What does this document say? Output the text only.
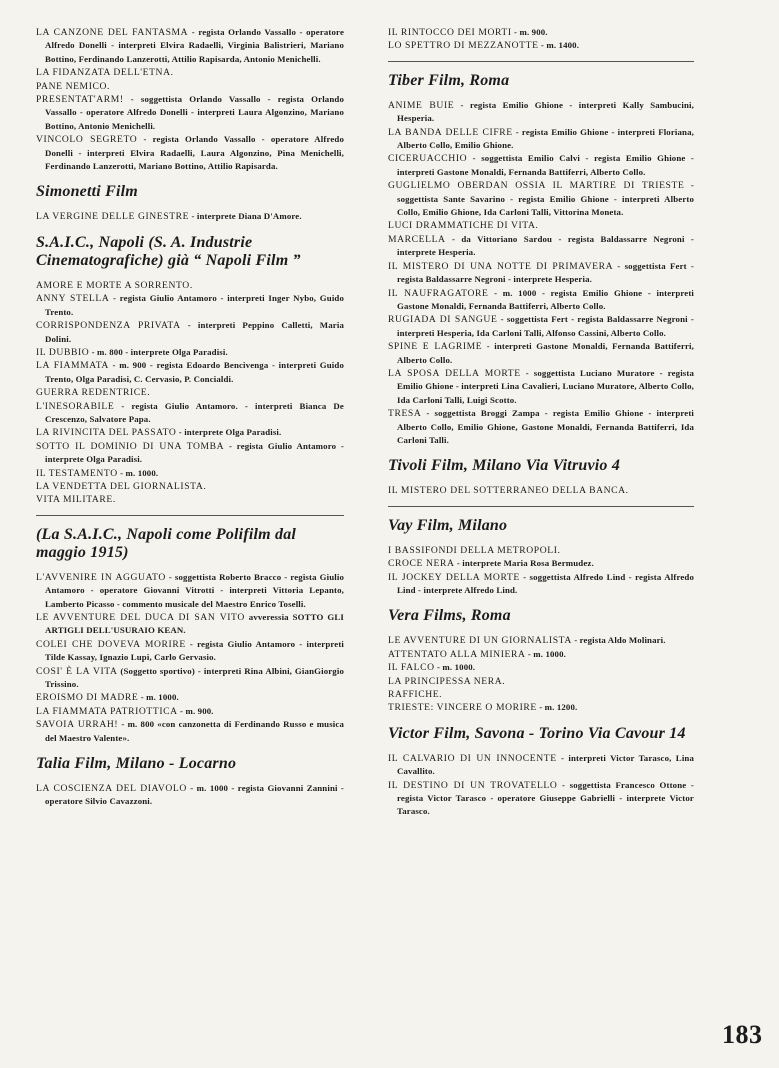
LA CANZONE DEL FANTASMA - regista Orlando Vassallo - operatore Alfredo Donelli - interpreti Elvira Radaelli, Virginia Balistrieri, Mariano Bottino, Ferdinando Lanzerotti, Attilio Rapisarda, Antonio Menichelli.

LA FIDANZATA DELL'ETNA.

PANE NEMICO.

PRESENTAT'ARM! - soggettista Orlando Vassallo - regista Orlando Vassallo - operatore Alfredo Donelli - interpreti Laura Algonzino, Mariano Bottino, Antonio Menichelli.

VINCOLO SEGRETO - regista Orlando Vassallo - operatore Alfredo Donelli - interpreti Elvira Radaelli, Laura Algonzino, Pina Menichelli, Ferdinando Lanzerotti, Mariano Bottino, Attilio Rapisarda.

Simonetti Film

LA VERGINE DELLE GINESTRE - interprete Diana D'Amore.

S.A.I.C., Napoli (S. A. Industrie Cinematografiche) già “ Napoli Film ”

AMORE E MORTE A SORRENTO.

ANNY STELLA - regista Giulio Antamoro - interpreti Inger Nybo, Guido Trento.

CORRISPONDENZA PRIVATA - interpreti Peppino Calletti, Maria Dolini.

IL DUBBIO - m. 800 - interprete Olga Paradisi.

LA FIAMMATA - m. 900 - regista Edoardo Bencivenga - interpreti Guido Trento, Olga Paradisi, C. Cervasio, P. Concialdi.

GUERRA REDENTRICE.

L'INESORABILE - regista Giulio Antamoro. - interpreti Bianca De Crescenzo, Salvatore Papa.

LA RIVINCITA DEL PASSATO - interprete Olga Paradisi.

SOTTO IL DOMINIO DI UNA TOMBA - regista Giulio Antamoro - interprete Olga Paradisi.

IL TESTAMENTO - m. 1000.

LA VENDETTA DEL GIORNALISTA.

VITA MILITARE.

(La S.A.I.C., Napoli come Polifilm dal maggio 1915)

L'AVVENIRE IN AGGUATO - soggettista Roberto Bracco - regista Giulio Antamoro - operatore Giovanni Vitrotti - interpreti Vittoria Lepanto, Lamberto Picasso - commento musicale del Maestro Enrico Toselli.

LE AVVENTURE DEL DUCA DI SAN VITO avveressia SOTTO GLI ARTIGLI DELL'USURAIO KEAN.

COLEI CHE DOVEVA MORIRE - regista Giulio Antamoro - interpreti Tilde Kassay, Ignazio Lupi, Carlo Gervasio.

COSI' È LA VITA (Soggetto sportivo) - interpreti Rina Albini, GianGiorgio Trissino.

EROISMO DI MADRE - m. 1000.

LA FIAMMATA PATRIOTTICA - m. 900.

SAVOIA URRAH! - m. 800 «con canzonetta di Ferdinando Russo e musica del Maestro Valente».

Talia Film, Milano - Locarno

LA COSCIENZA DEL DIAVOLO - m. 1000 - regista Giovanni Zannini - operatore Silvio Cavazzoni.

IL RINTOCCO DEI MORTI - m. 900.

LO SPETTRO DI MEZZANOTTE - m. 1400.

Tiber Film, Roma

ANIME BUIE - regista Emilio Ghione - interpreti Kally Sambucini, Hesperia.

LA BANDA DELLE CIFRE - regista Emilio Ghione - interpreti Floriana, Alberto Collo, Emilio Ghione.

CICERUACCHIO - soggettista Emilio Calvi - regista Emilio Ghione - interpreti Gastone Monaldi, Fernanda Battiferri, Alberto Collo.

GUGLIELMO OBERDAN OSSIA IL MARTIRE DI TRIESTE - soggettista Sante Savarino - regista Emilio Ghione - interpreti Alberto Collo, Emilio Ghione, Ida Carloni Talli, Vittorina Moneta.

LUCI DRAMMATICHE DI VITA.

MARCELLA - da Vittoriano Sardou - regista Baldassarre Negroni - interprete Hesperia.

IL MISTERO DI UNA NOTTE DI PRIMAVERA - soggettista Fert - regista Baldassarre Negroni - interprete Hesperia.

IL NAUFRAGATORE - m. 1000 - regista Emilio Ghione - interpreti Gastone Monaldi, Fernanda Battiferri, Alberto Collo.

RUGIADA DI SANGUE - soggettista Fert - regista Baldassarre Negroni - interpreti Hesperia, Ida Carloni Talli, Alfonso Cassini, Alberto Collo.

SPINE E LAGRIME - interpreti Gastone Monaldi, Fernanda Battiferri, Alberto Collo.

LA SPOSA DELLA MORTE - soggettista Luciano Muratore - regista Emilio Ghione - interpreti Lina Cavalieri, Luciano Muratore, Alberto Collo, Ida Carloni Talli, Luigi Scotto.

TRESA - soggettista Broggi Zampa - regista Emilio Ghione - interpreti Alberto Collo, Emilio Ghione, Gastone Monaldi, Fernanda Battiferri, Ida Carloni Talli.

Tivoli Film, Milano Via Vitruvio 4

IL MISTERO DEL SOTTERRANEO DELLA BANCA.

Vay Film, Milano

I BASSIFONDI DELLA METROPOLI.

CROCE NERA - interprete Maria Rosa Bermudez.

IL JOCKEY DELLA MORTE - soggettista Alfredo Lind - regista Alfredo Lind - interprete Alfredo Lind.

Vera Films, Roma

LE AVVENTURE DI UN GIORNALISTA - regista Aldo Molinari.

ATTENTATO ALLA MINIERA - m. 1000.

IL FALCO - m. 1000.

LA PRINCIPESSA NERA.

RAFFICHE.

TRIESTE: VINCERE O MORIRE - m. 1200.

Victor Film, Savona - Torino Via Cavour 14

IL CALVARIO DI UN INNOCENTE - interpreti Victor Tarasco, Lina Cavallito.

IL DESTINO DI UN TROVATELLO - soggettista Francesco Ottone - regista Victor Tarasco - operatore Giuseppe Gabrielli - interprete Victor Tarasco.

183
